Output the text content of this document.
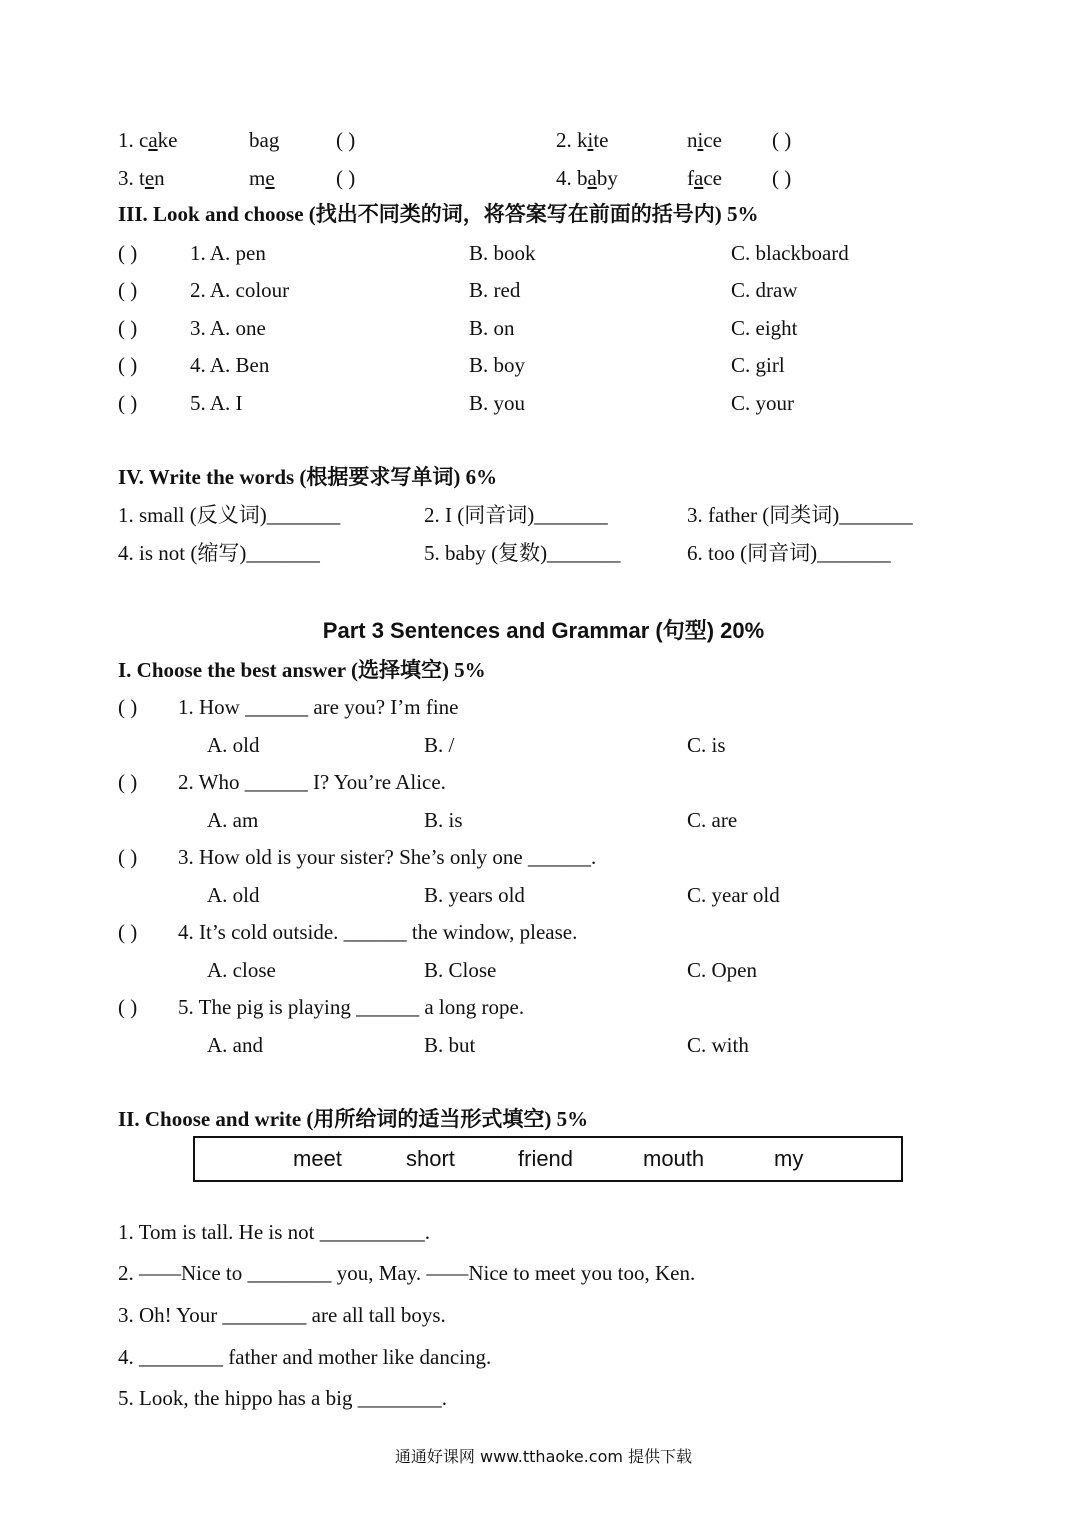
1. cake	bag	( )	2. kite	nice ( )
3. ten	me	( )	4. baby	face ( )
III. Look and choose (找出不同类的词，将答案写在前面的括号内) 5%
( )	1. A. pen	B. book	C. blackboard
( )	2. A. colour	B. red	C. draw
( )	3. A. one	B. on	C. eight
( )	4. A. Ben	B. boy	C. girl
( )	5. A. I	B. you	C. your
IV. Write the words (根据要求写单词) 6%
1. small (反义词)_______	2. I (同音词)_______	3. father (同类词)_______
4. is not (缩写)_______	5. baby (复数)_______	6. too (同音词)_______
Part 3 Sentences and Grammar (句型) 20%
I. Choose the best answer (选择填空) 5%
( ) 1. How ______ are you? I’m fine
A. old	B. /	C. is
( ) 2. Who ______ I? You’re Alice.
A. am	B. is	C. are
( ) 3. How old is your sister? She’s only one ______.
A. old	B. years old	C. year old
( ) 4. It’s cold outside. ______ the window, please.
A. close	B. Close	C. Open
( ) 5. The pig is playing ______ a long rope.
A. and	B. but	C. with
II. Choose and write (用所给词的适当形式填空) 5%
meet	short	friend	mouth	my
1. Tom is tall. He is not __________.
2. ——Nice to ________ you, May. ——Nice to meet you too, Ken.
3. Oh! Your ________ are all tall boys.
4. ________ father and mother like dancing.
5. Look, the hippo has a big ________.
通通好课网 www.tthaoke.com 提供下载
